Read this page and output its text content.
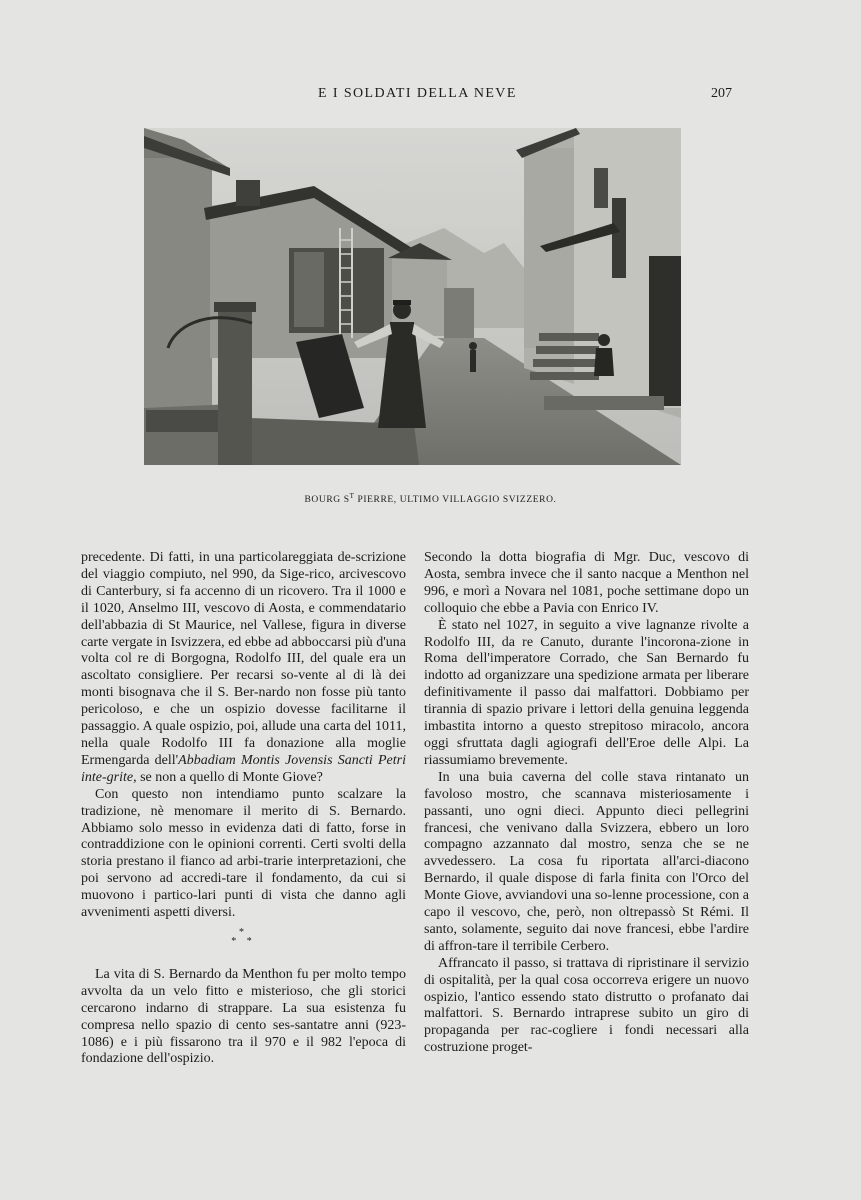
E I SOLDATI DELLA NEVE	207
BOURG $S^T$ PIERRE, ULTIMO VILLAGGIO SVIZZERO.

precedente. Di fatti, in una particolareggiata de-scrizione del viaggio compiuto, nel 990, da Sige-rico, arcivescovo di Canterbury, si fa accenno di un ricovero. Tra il 1000 e il 1020, Anselmo III, vescovo di Aosta, e commendatario dell'abbazia di St Maurice, nel Vallese, figura in diverse carte vergate in Isvizzera, ed ebbe ad abboccarsi più d'una volta col re di Borgogna, Rodolfo III, del quale era un ascoltato consigliere. Per recarsi so-vente al di là dei monti bisognava che il S. Ber-nardo non fosse più tanto pericoloso, e che un ospizio dovesse facilitarne il passaggio. A quale ospizio, poi, allude una carta del 1011, nella quale Rodolfo III fa donazione alla moglie Ermengarda dell'Abbadiam Montis Jovensis Sancti Petri inte-grite, se non a quello di Monte Giove?

Con questo non intendiamo punto scalzare la tradizione, nè menomare il merito di S. Bernardo. Abbiamo solo messo in evidenza dati di fatto, forse in contraddizione con le opinioni correnti. Certi svolti della storia prestano il fianco ad arbi-trarie interpretazioni, che poi servono ad accredi-tare il fondamento, da cui si muovono i partico-lari punti di vista che danno agli avvenimenti aspetti diversi.

*
* *

La vita di S. Bernardo da Menthon fu per molto tempo avvolta da un velo fitto e misterioso, che gli storici cercarono indarno di strappare. La sua esistenza fu compresa nello spazio di cento ses-santatre anni (923-1086) e i più fissarono tra il 970 e il 982 l'epoca di fondazione dell'ospizio.

Secondo la dotta biografia di Mgr. Duc, vescovo di Aosta, sembra invece che il santo nacque a Menthon nel 996, e morì a Novara nel 1081, poche settimane dopo un colloquio che ebbe a Pavia con Enrico IV.

È stato nel 1027, in seguito a vive lagnanze rivolte a Rodolfo III, da re Canuto, durante l'incorona-zione in Roma dell'imperatore Corrado, che San Bernardo fu indotto ad organizzare una spedizione armata per liberare definitivamente il passo dai malfattori. Dobbiamo per tirannia di spazio privare i lettori della genuina leggenda imbastita intorno a questo strepitoso miracolo, ancora oggi sfruttata dagli agiografi dell'Eroe delle Alpi. La riassumiamo brevemente.

In una buia caverna del colle stava rintanato un favoloso mostro, che scannava misteriosamente i passanti, uno ogni dieci. Appunto dieci pellegrini francesi, che venivano dalla Svizzera, ebbero un loro compagno azzannato dal mostro, senza che se ne avvedessero. La cosa fu riportata all'arci-diacono Bernardo, il quale dispose di farla finita con l'Orco del Monte Giove, avviandovi una so-lenne processione, con a capo il vescovo, che, però, non oltrepassò St Rémi. Il santo, solamente, seguito dai nove francesi, ebbe l'ardire di affron-tare il terribile Cerbero.

Affrancato il passo, si trattava di ripristinare il servizio di ospitalità, per la qual cosa occorreva erigere un nuovo ospizio, l'antico essendo stato distrutto o profanato dai malfattori. S. Bernardo intraprese subito un giro di propaganda per rac-cogliere i fondi necessari alla costruzione proget-
